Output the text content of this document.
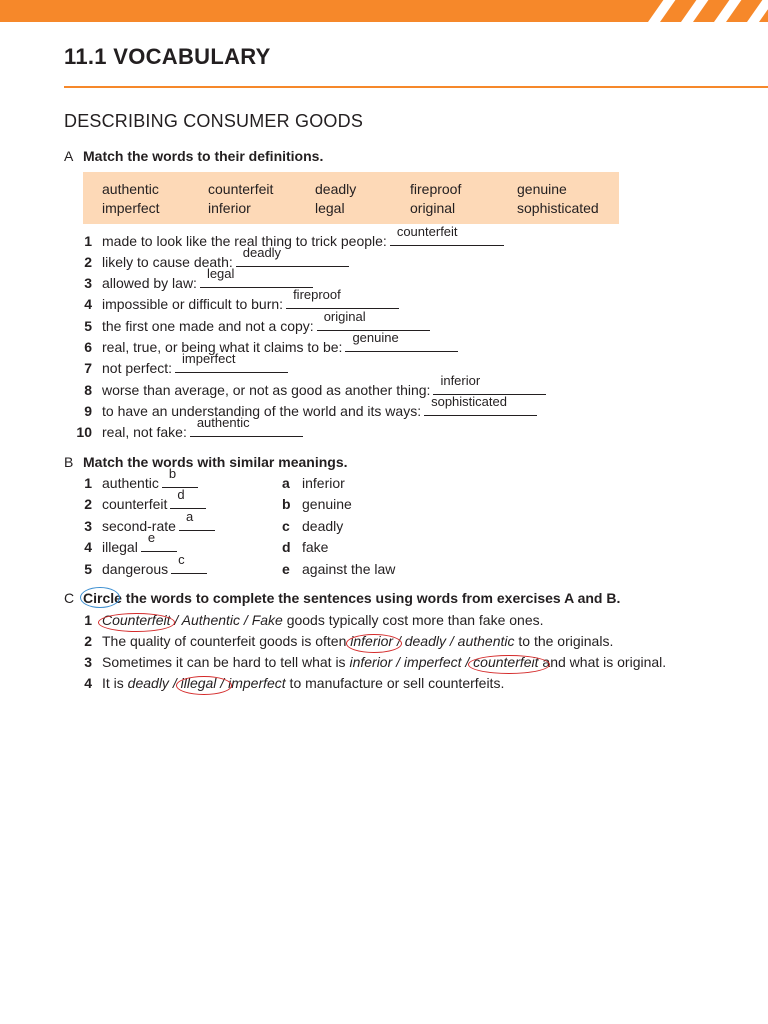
11.1 VOCABULARY
DESCRIBING CONSUMER GOODS
A Match the words to their definitions.
authentic	counterfeit	deadly	fireproof	genuine
imperfect	inferior	legal	original	sophisticated
1 made to look like the real thing to trick people:
counterfeit
2 likely to cause death:
deadly
3 allowed by law:
legal
4 impossible or difficult to burn:
fireproof
5 the first one made and not a copy:
original
6 real, true, or being what it claims to be:
genuine
7 not perfect:
imperfect
8 worse than average, or not as good as another thing:
inferior
9 to have an understanding of the world and its ways:
sophisticated
10 real, not fake:
authentic
B Match the words with similar meanings.
1 authentic
b
2 counterfeit
d
3 second-rate
a
4 illegal
e
5 dangerous
c
a inferior
b genuine
c deadly
d fake
e against the law
C Circle
the words to complete the sentences using words from exercises A and B.
1 Counterfeit
/ Authentic / Fake goods typically cost more than fake ones.
2 The quality of counterfeit goods is often inferior
/ deadly / authentic to the originals.
3 Sometimes it can be hard to tell what is inferior / imperfect / counterfeit
and what is original.
4 It is deadly / illegal
/ imperfect to manufacture or sell counterfeits.
